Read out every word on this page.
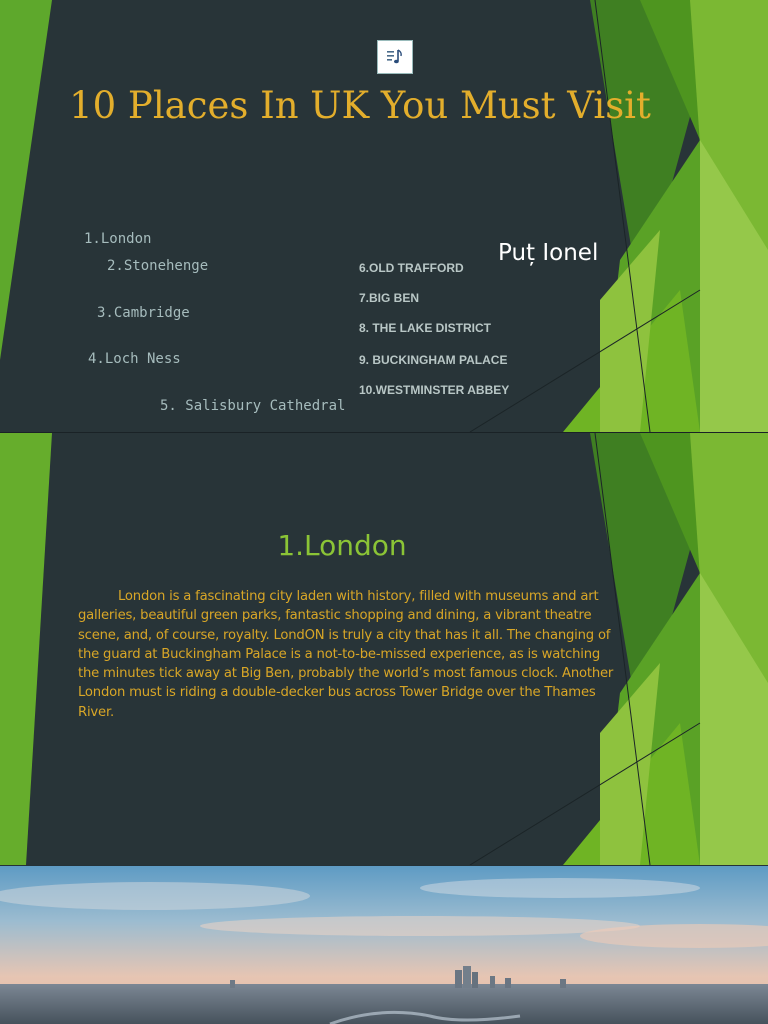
10 Places In UK You Must Visit
1.London
2.Stonehenge
3.Cambridge
4.Loch Ness
5. Salisbury Cathedral
6.OLD TRAFFORD
7.BIG BEN
8. THE LAKE DISTRICT
9. BUCKINGHAM PALACE
10.WESTMINSTER ABBEY
Puț Ionel
1.London

London is a fascinating city laden with history, filled with museums and art galleries, beautiful green parks, fantastic shopping and dining, a vibrant theatre scene, and, of course, royalty. LondON is truly a city that has it all. The changing of the guard at Buckingham Palace is a not-to-be-missed experience, as is watching the minutes tick away at Big Ben, probably the world’s most famous clock. Another London must is riding a double-decker bus across Tower Bridge over the Thames River.
